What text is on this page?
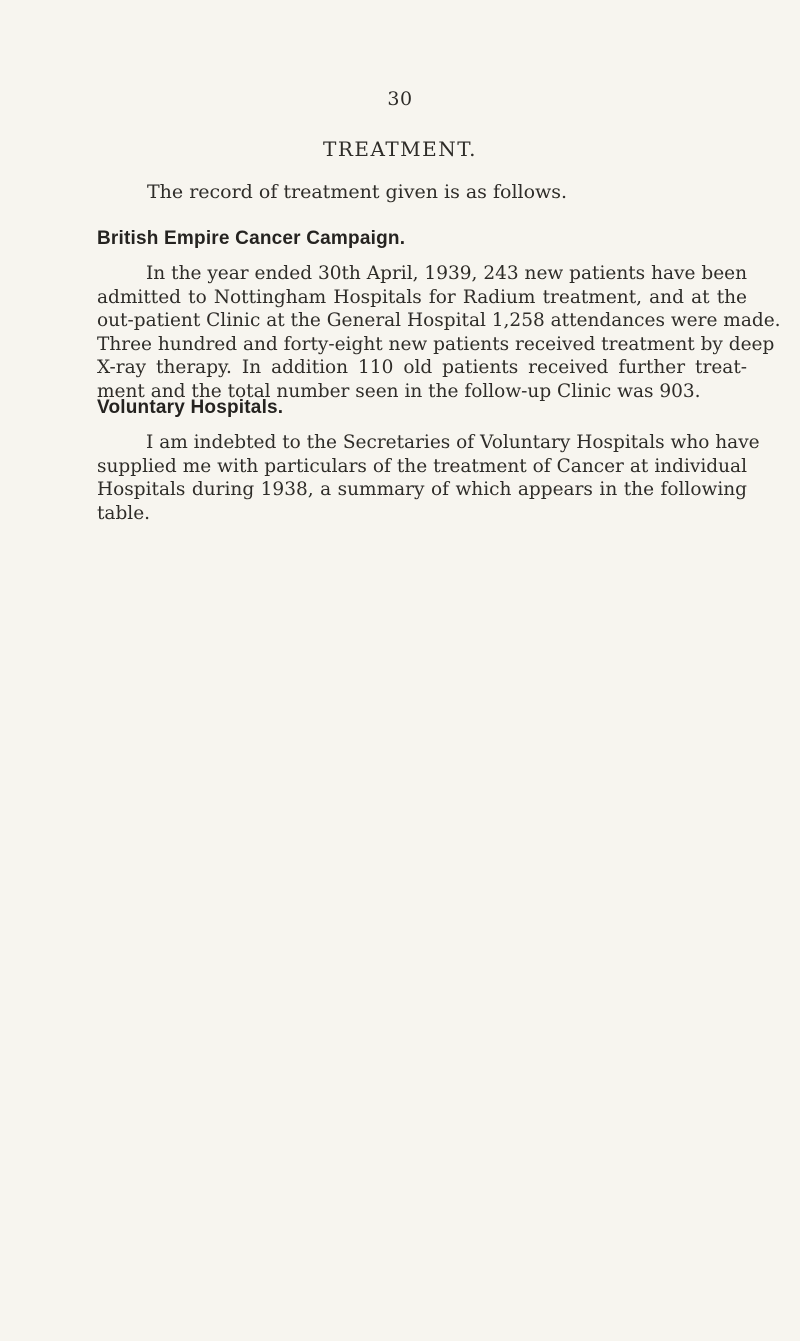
30
TREATMENT.
The record of treatment given is as follows.
British Empire Cancer Campaign.
In the year ended 30th April, 1939, 243 new patients have been
admitted to Nottingham Hospitals for Radium treatment, and at the
out-patient Clinic at the General Hospital 1,258 attendances were made.
Three hundred and forty-eight new patients received treatment by deep
X-ray therapy. In addition 110 old patients received further treat-
ment and the total number seen in the follow-up Clinic was 903.
Voluntary Hospitals.
I am indebted to the Secretaries of Voluntary Hospitals who have
supplied me with particulars of the treatment of Cancer at individual
Hospitals during 1938, a summary of which appears in the following
table.
